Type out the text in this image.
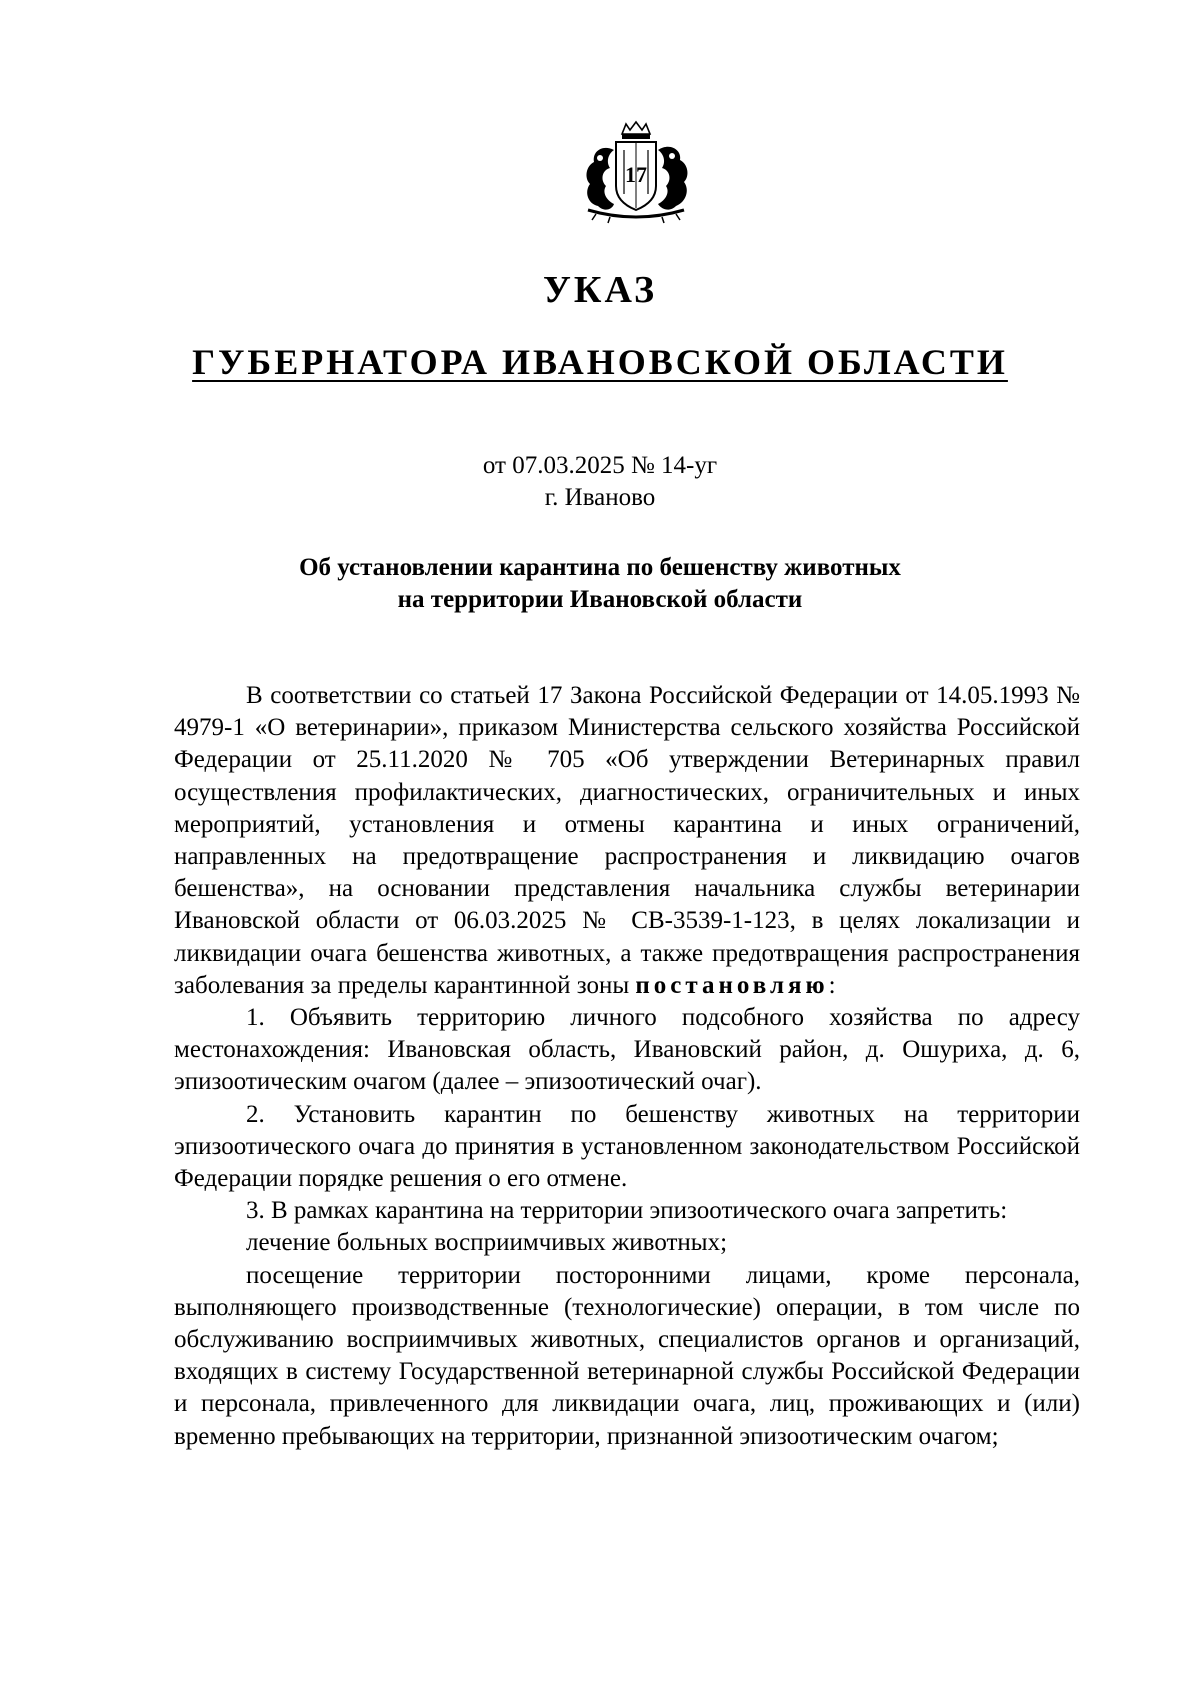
17
УКАЗ
ГУБЕРНАТОРА ИВАНОВСКОЙ ОБЛАСТИ
от 07.03.2025 № 14-уг
г. Иваново
Об установлении карантина по бешенству животных
на территории Ивановской области

В соответствии со статьей 17 Закона Российской Федерации от 14.05.1993 № 4979-1 «О ветеринарии», приказом Министерства сельского хозяйства Российской Федерации от 25.11.2020 № 705 «Об утверждении Ветеринарных правил осуществления профилактических, диагностических, ограничительных и иных мероприятий, установления и отмены карантина и иных ограничений, направленных на предотвращение распространения и ликвидацию очагов бешенства», на основании представления начальника службы ветеринарии Ивановской области от 06.03.2025 № СВ-3539-1-123, в целях локализации и ликвидации очага бешенства животных, а также предотвращения распространения заболевания за пределы карантинной зоны постановляю:

1. Объявить территорию личного подсобного хозяйства по адресу местонахождения: Ивановская область, Ивановский район, д. Ошуриха, д. 6, эпизоотическим очагом (далее – эпизоотический очаг).

2. Установить карантин по бешенству животных на территории эпизоотического очага до принятия в установленном законодательством Российской Федерации порядке решения о его отмене.

3. В рамках карантина на территории эпизоотического очага запретить:

лечение больных восприимчивых животных;

посещение территории посторонними лицами, кроме персонала, выполняющего производственные (технологические) операции, в том числе по обслуживанию восприимчивых животных, специалистов органов и организаций, входящих в систему Государственной ветеринарной службы Российской Федерации и персонала, привлеченного для ликвидации очага, лиц, проживающих и (или) временно пребывающих на территории, признанной эпизоотическим очагом;
